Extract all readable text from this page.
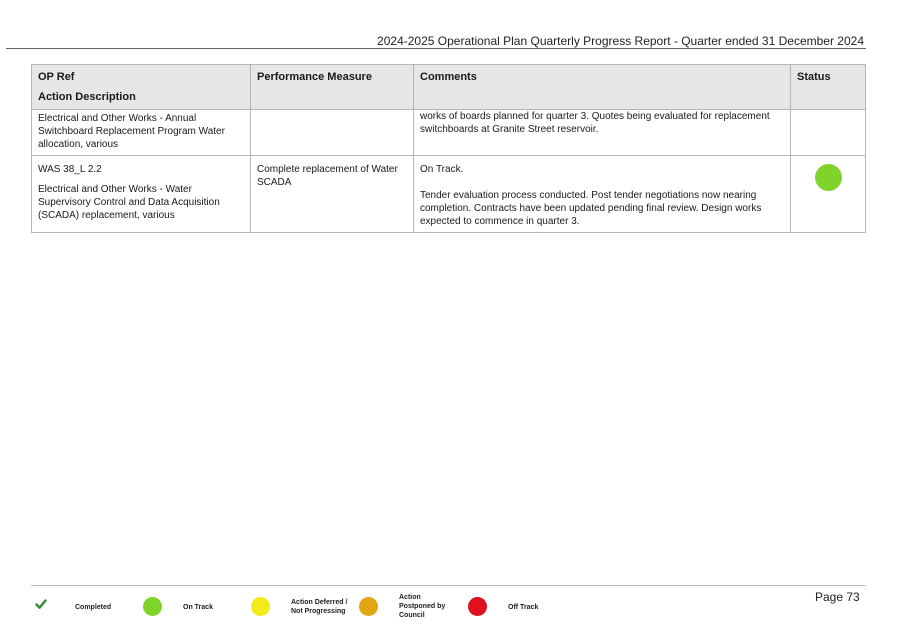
2024-2025 Operational Plan Quarterly Progress Report - Quarter ended 31 December 2024
OP Ref
Action Description	Performance Measure	Comments	Status
Electrical and Other Works - Annual Switchboard Replacement Program Water allocation, various		works of boards planned for quarter 3. Quotes being evaluated for replacement switchboards at Granite Street reservoir.	
WAS 38_L 2.2
Electrical and Other Works - Water Supervisory Control and Data Acquisition (SCADA) replacement, various	Complete replacement of Water SCADA	On Track.
Tender evaluation process conducted. Post tender negotiations now nearing completion. Contracts have been updated pending final review. Design works expected to commence in quarter 3.	

Completed	On Track
Action Deferred /
Not Progressing
Action
Postponed by
Council
Off Track
Page 73
